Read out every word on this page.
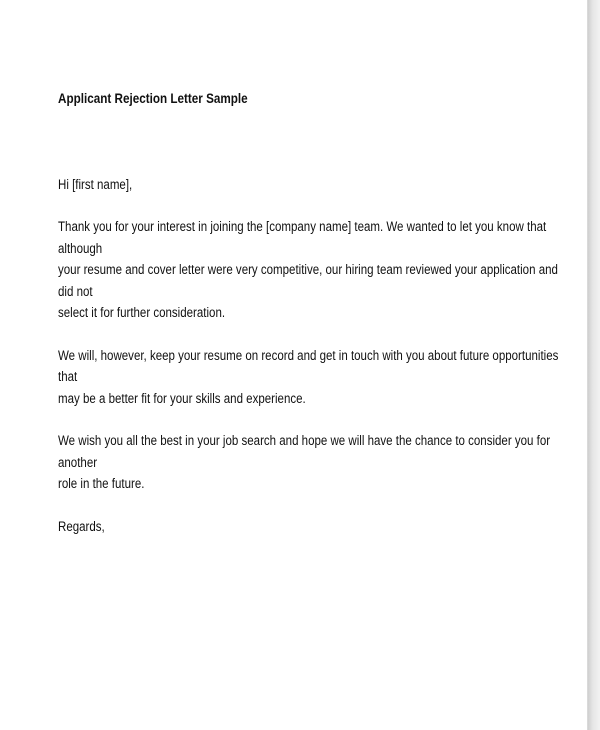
Applicant Rejection Letter Sample
Hi [first name],
Thank you for your interest in joining the [company name] team. We wanted to let you know that although
your resume and cover letter were very competitive, our hiring team reviewed your application and did not
select it for further consideration.
We will, however, keep your resume on record and get in touch with you about future opportunities that
may be a better fit for your skills and experience.
We wish you all the best in your job search and hope we will have the chance to consider you for another
role in the future.
Regards,
